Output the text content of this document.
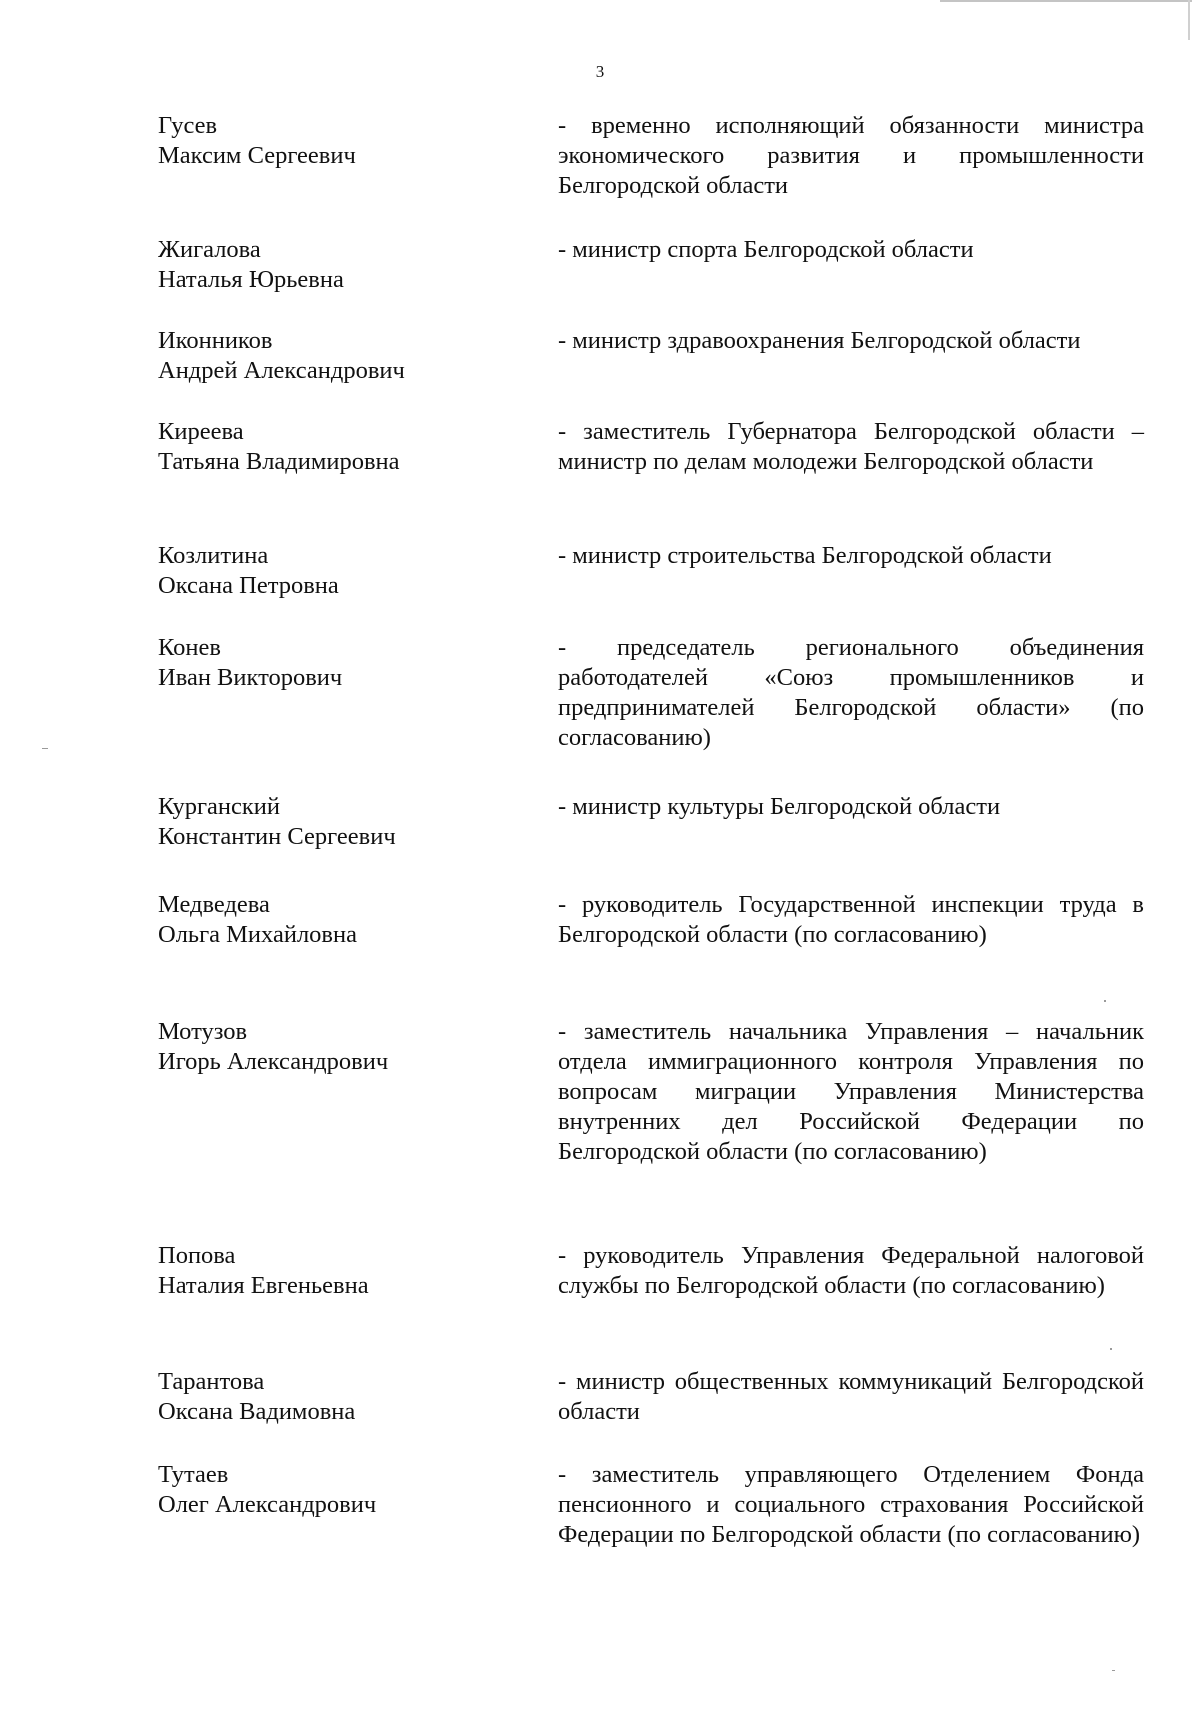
3
Гусев
Максим Сергеевич
- временно исполняющий обязанности министра экономического развития и промышленности Белгородской области
Жигалова
Наталья Юрьевна
- министр спорта Белгородской области
Иконников
Андрей Александрович
- министр здравоохранения Белгородской области
Киреева
Татьяна Владимировна
- заместитель Губернатора Белгородской области – министр по делам молодежи Белгородской области
Козлитина
Оксана Петровна
- министр строительства Белгородской области
Конев
Иван Викторович
- председатель регионального объединения работодателей «Союз промышленников и предпринимателей Белгородской области» (по согласованию)
Курганский
Константин Сергеевич
- министр культуры Белгородской области
Медведева
Ольга Михайловна
- руководитель Государственной инспекции труда в Белгородской области (по согласованию)
Мотузов
Игорь Александрович
- заместитель начальника Управления – начальник отдела иммиграционного контроля Управления по вопросам миграции Управления Министерства внутренних дел Российской Федерации по Белгородской области (по согласованию)
Попова
Наталия Евгеньевна
- руководитель Управления Федеральной налоговой службы по Белгородской области (по согласованию)
Тарантова
Оксана Вадимовна
- министр общественных коммуникаций Белгородской области
Тутаев
Олег Александрович
- заместитель управляющего Отделением Фонда пенсионного и социального страхования Российской Федерации по Белгородской области (по согласованию)
